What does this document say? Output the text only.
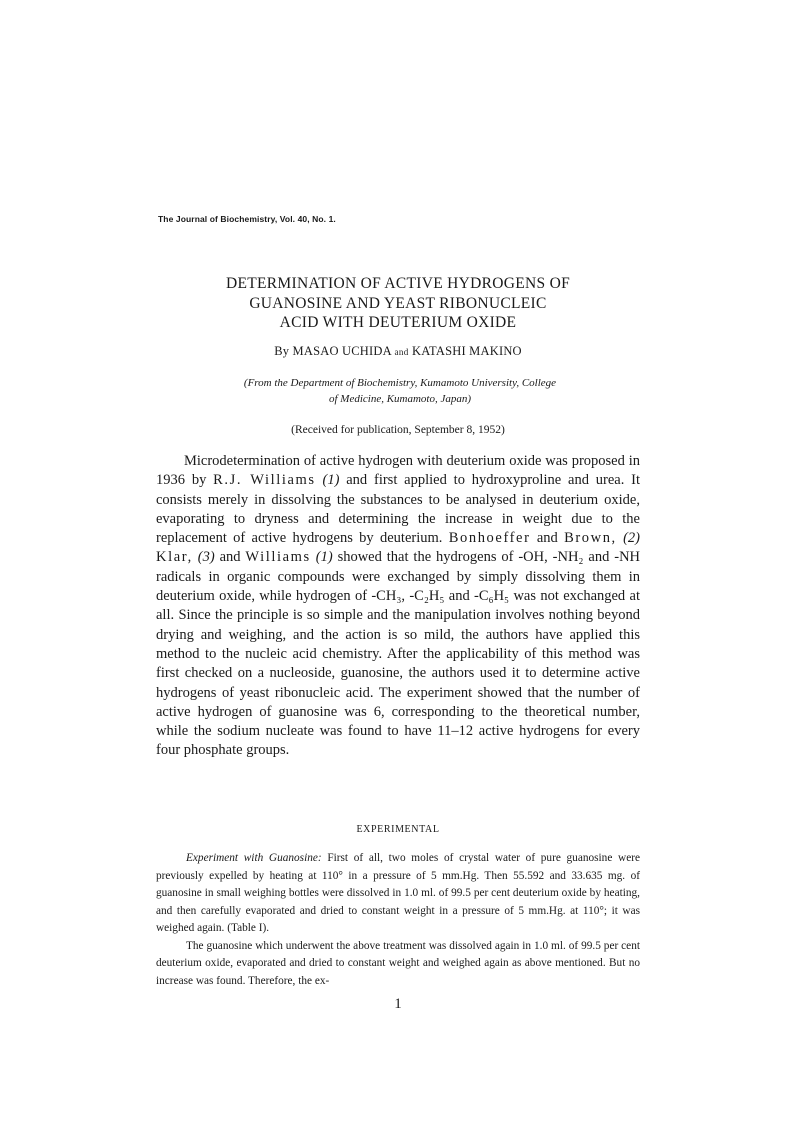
The Journal of Biochemistry, Vol. 40, No. 1.
DETERMINATION OF ACTIVE HYDROGENS OF
GUANOSINE AND YEAST RIBONUCLEIC
ACID WITH DEUTERIUM OXIDE
By MASAO UCHIDA and KATASHI MAKINO
(From the Department of Biochemistry, Kumamoto University, College
of Medicine, Kumamoto, Japan)
(Received for publication, September 8, 1952)
Microdetermination of active hydrogen with deuterium oxide was proposed in 1936 by R.J. Williams (1) and first applied to hydroxyproline and urea. It consists merely in dissolving the substances to be analysed in deuterium oxide, evaporating to dryness and determining the increase in weight due to the replacement of active hydrogens by deuterium. Bonhoeffer and Brown, (2) Klar, (3) and Williams (1) showed that the hydrogens of -OH, -NH₂ and -NH radicals in organic compounds were exchanged by simply dissolving them in deuterium oxide, while hydrogen of -CH₃, -C₂H₅ and -C₆H₅ was not exchanged at all. Since the principle is so simple and the manipulation involves nothing beyond drying and weighing, and the action is so mild, the authors have applied this method to the nucleic acid chemistry. After the applicability of this method was first checked on a nucleoside, guanosine, the authors used it to determine active hydrogens of yeast ribonucleic acid. The experiment showed that the number of active hydrogen of guanosine was 6, corresponding to the theoretical number, while the sodium nucleate was found to have 11–12 active hydrogens for every four phosphate groups.
EXPERIMENTAL

Experiment with Guanosine: First of all, two moles of crystal water of pure guanosine were previously expelled by heating at 110° in a pressure of 5 mm.Hg. Then 55.592 and 33.635 mg. of guanosine in small weighing bottles were dissolved in 1.0 ml. of 99.5 per cent deuterium oxide by heating, and then carefully evaporated and dried to constant weight in a pressure of 5 mm.Hg. at 110°; it was weighed again. (Table I).

The guanosine which underwent the above treatment was dissolved again in 1.0 ml. of 99.5 per cent deuterium oxide, evaporated and dried to constant weight and weighed again as above mentioned. But no increase was found. Therefore, the ex-

1
